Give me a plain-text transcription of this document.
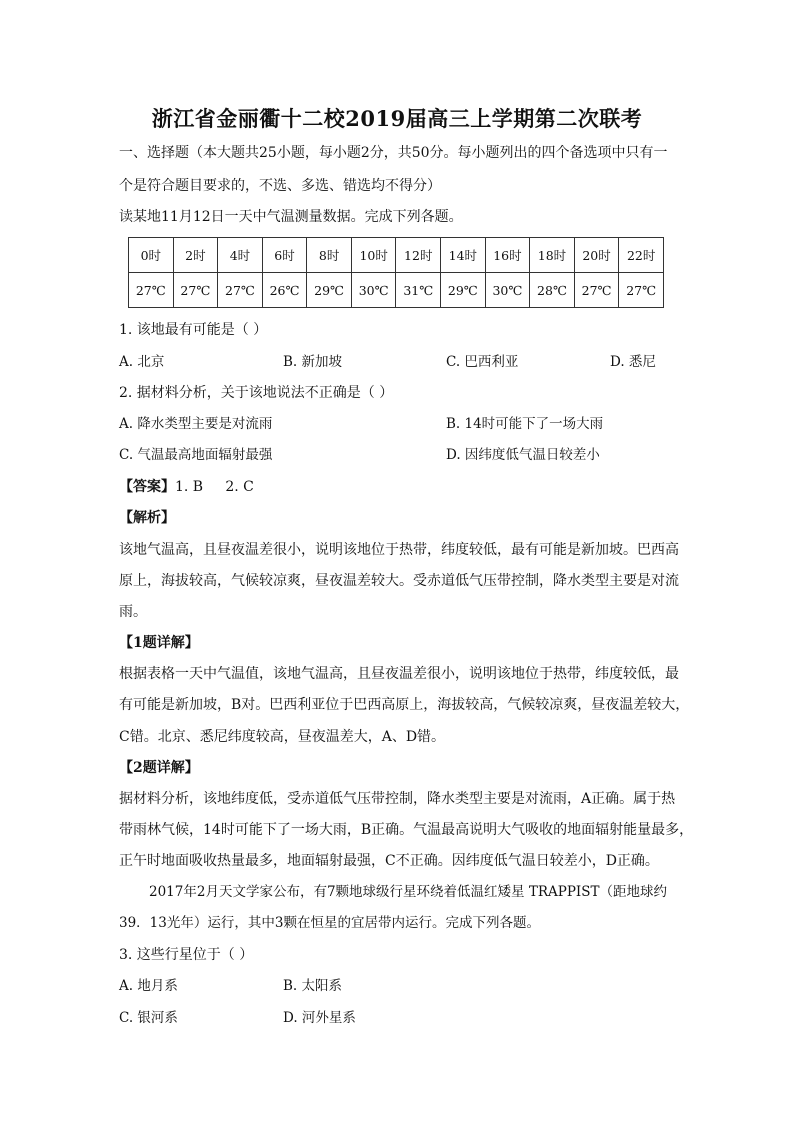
浙江省金丽衢十二校2019届高三上学期第二次联考
一、选择题（本大题共25小题，每小题2分，共50分。每小题列出的四个备选项中只有一
个是符合题目要求的，不选、多选、错选均不得分）
读某地11月12日一天中气温测量数据。完成下列各题。
0时	2时	4时	6时	8时	10时	12时	14时	16时	18时	20时	22时
27℃	27℃	27℃	26℃	29℃	30℃	31℃	29℃	30℃	28℃	27℃	27℃
1. 该地最有可能是（ ）
A. 北京	B. 新加坡	C. 巴西利亚	D. 悉尼
2. 据材料分析，关于该地说法不正确是（ ）
A. 降水类型主要是对流雨	B. 14时可能下了一场大雨
C. 气温最高地面辐射最强	D. 因纬度低气温日较差小
【答案】1. B     2. C
【解析】
该地气温高，且昼夜温差很小，说明该地位于热带，纬度较低，最有可能是新加坡。巴西高
原上，海拔较高，气候较凉爽，昼夜温差较大。受赤道低气压带控制，降水类型主要是对流
雨。
【1题详解】
根据表格一天中气温值，该地气温高，且昼夜温差很小，说明该地位于热带，纬度较低，最
有可能是新加坡，B对。巴西利亚位于巴西高原上，海拔较高，气候较凉爽，昼夜温差较大，
C错。北京、悉尼纬度较高，昼夜温差大，A、D错。
【2题详解】
据材料分析，该地纬度低，受赤道低气压带控制，降水类型主要是对流雨，A正确。属于热
带雨林气候，14时可能下了一场大雨，B正确。气温最高说明大气吸收的地面辐射能量最多，
正午时地面吸收热量最多，地面辐射最强，C不正确。因纬度低气温日较差小，D正确。
2017年2月天文学家公布，有7颗地球级行星环绕着低温红矮星 TRAPPIST（距地球约
39．13光年）运行，其中3颗在恒星的宜居带内运行。完成下列各题。
3. 这些行星位于（ ）
A. 地月系	B. 太阳系
C. 银河系	D. 河外星系
